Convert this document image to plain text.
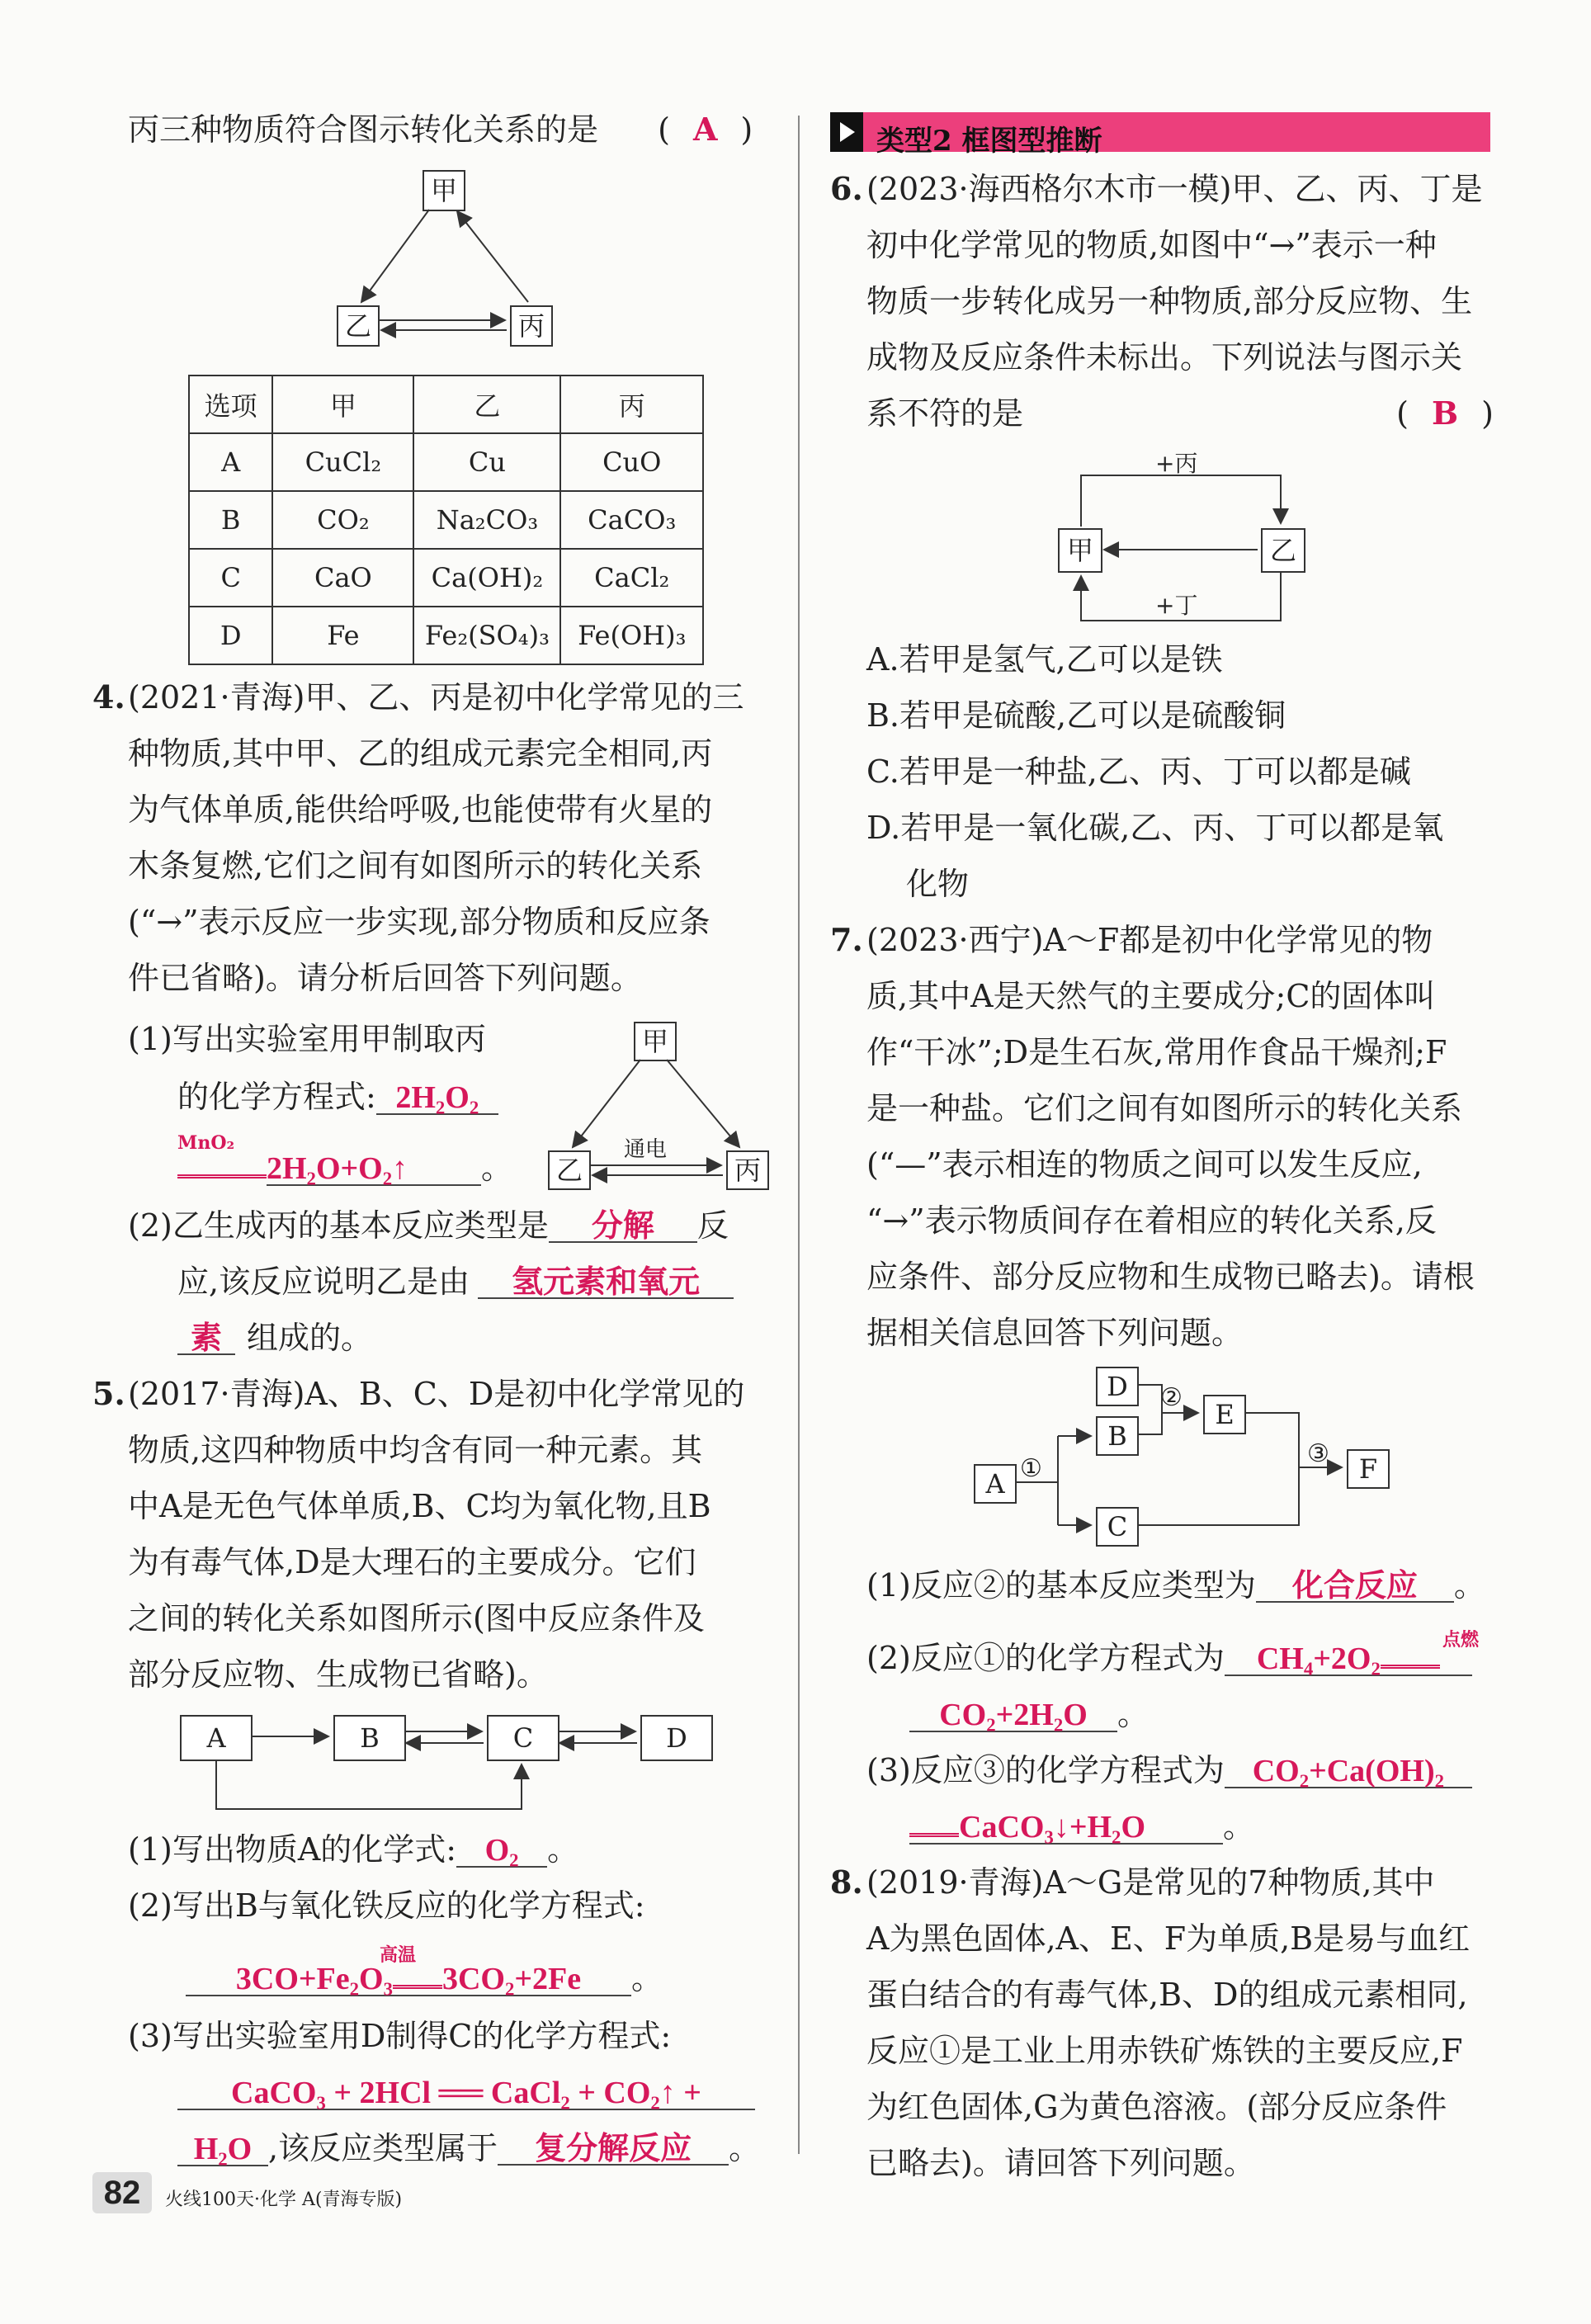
丙三种物质符合图示转化关系的是 ( A )
甲
乙	丙
选项	甲	乙	丙
A	CuCl₂	Cu	CuO
B	CO₂	Na₂CO₃	CaCO₃
C	CaO	Ca(OH)₂	CaCl₂
D	Fe	Fe₂(SO₄)₃	Fe(OH)₃
4. (2021·青海)甲、乙、丙是初中化学常见的三
种物质,其中甲、乙的组成元素完全相同,丙
为气体单质,能供给呼吸,也能使带有火星的
木条复燃,它们之间有如图所示的转化关系
(“→”表示反应一步实现,部分物质和反应条
件已省略)。请分析后回答下列问题。
(1)写出实验室用甲制取丙
的化学方程式: 2H₂O₂
MnO₂
2H₂O+O₂↑ 。
甲
乙	丙
通电
(2)乙生成丙的基本反应类型是 分解 反
应,该反应说明乙是由 氢元素和氧元
素 组成的。
5. (2017·青海)A、B、C、D是初中化学常见的
物质,这四种物质中均含有同一种元素。其
中A是无色气体单质,B、C均为氧化物,且B
为有毒气体,D是大理石的主要成分。它们
之间的转化关系如图所示(图中反应条件及
部分反应物、生成物已省略)。
A	B	C	D
(1)写出物质A的化学式: O₂ 。
(2)写出B与氧化铁反应的化学方程式:
高温
3CO+Fe₂O₃ 3CO₂+2Fe 。
(3)写出实验室用D制得C的化学方程式:
CaCO₃ + 2HCl ══ CaCl₂ + CO₂↑ +
H₂O ,该反应类型属于 复分解反应 。
类型2 框图型推断
6. (2023·海西格尔木市一模)甲、乙、丙、丁是
初中化学常见的物质,如图中“→”表示一种
物质一步转化成另一种物质,部分反应物、生
成物及反应条件未标出。下列说法与图示关
系不符的是	( B )
甲	乙
+丙
+丁
A.若甲是氢气,乙可以是铁
B.若甲是硫酸,乙可以是硫酸铜
C.若甲是一种盐,乙、丙、丁可以都是碱
D.若甲是一氧化碳,乙、丙、丁可以都是氧
化物
7. (2023·西宁)A～F都是初中化学常见的物
质,其中A是天然气的主要成分;C的固体叫
作“干冰”;D是生石灰,常用作食品干燥剂;F
是一种盐。它们之间有如图所示的转化关系
(“—”表示相连的物质之间可以发生反应,
“→”表示物质间存在着相应的转化关系,反
应条件、部分反应物和生成物已略去)。请根
据相关信息回答下列问题。
D
B
E
A
C
F
①
②
③
(1)反应②的基本反应类型为 化合反应 。
点燃
(2)反应①的化学方程式为 CH₄+2O₂
CO₂+2H₂O 。
(3)反应③的化学方程式为 CO₂+Ca(OH)₂
CaCO₃↓+H₂O 。
8. (2019·青海)A～G是常见的7种物质,其中
A为黑色固体,A、E、F为单质,B是易与血红
蛋白结合的有毒气体,B、D的组成元素相同,
反应①是工业上用赤铁矿炼铁的主要反应,F
为红色固体,G为黄色溶液。(部分反应条件
已略去)。请回答下列问题。
82	火线100天·化学 A(青海专版)
